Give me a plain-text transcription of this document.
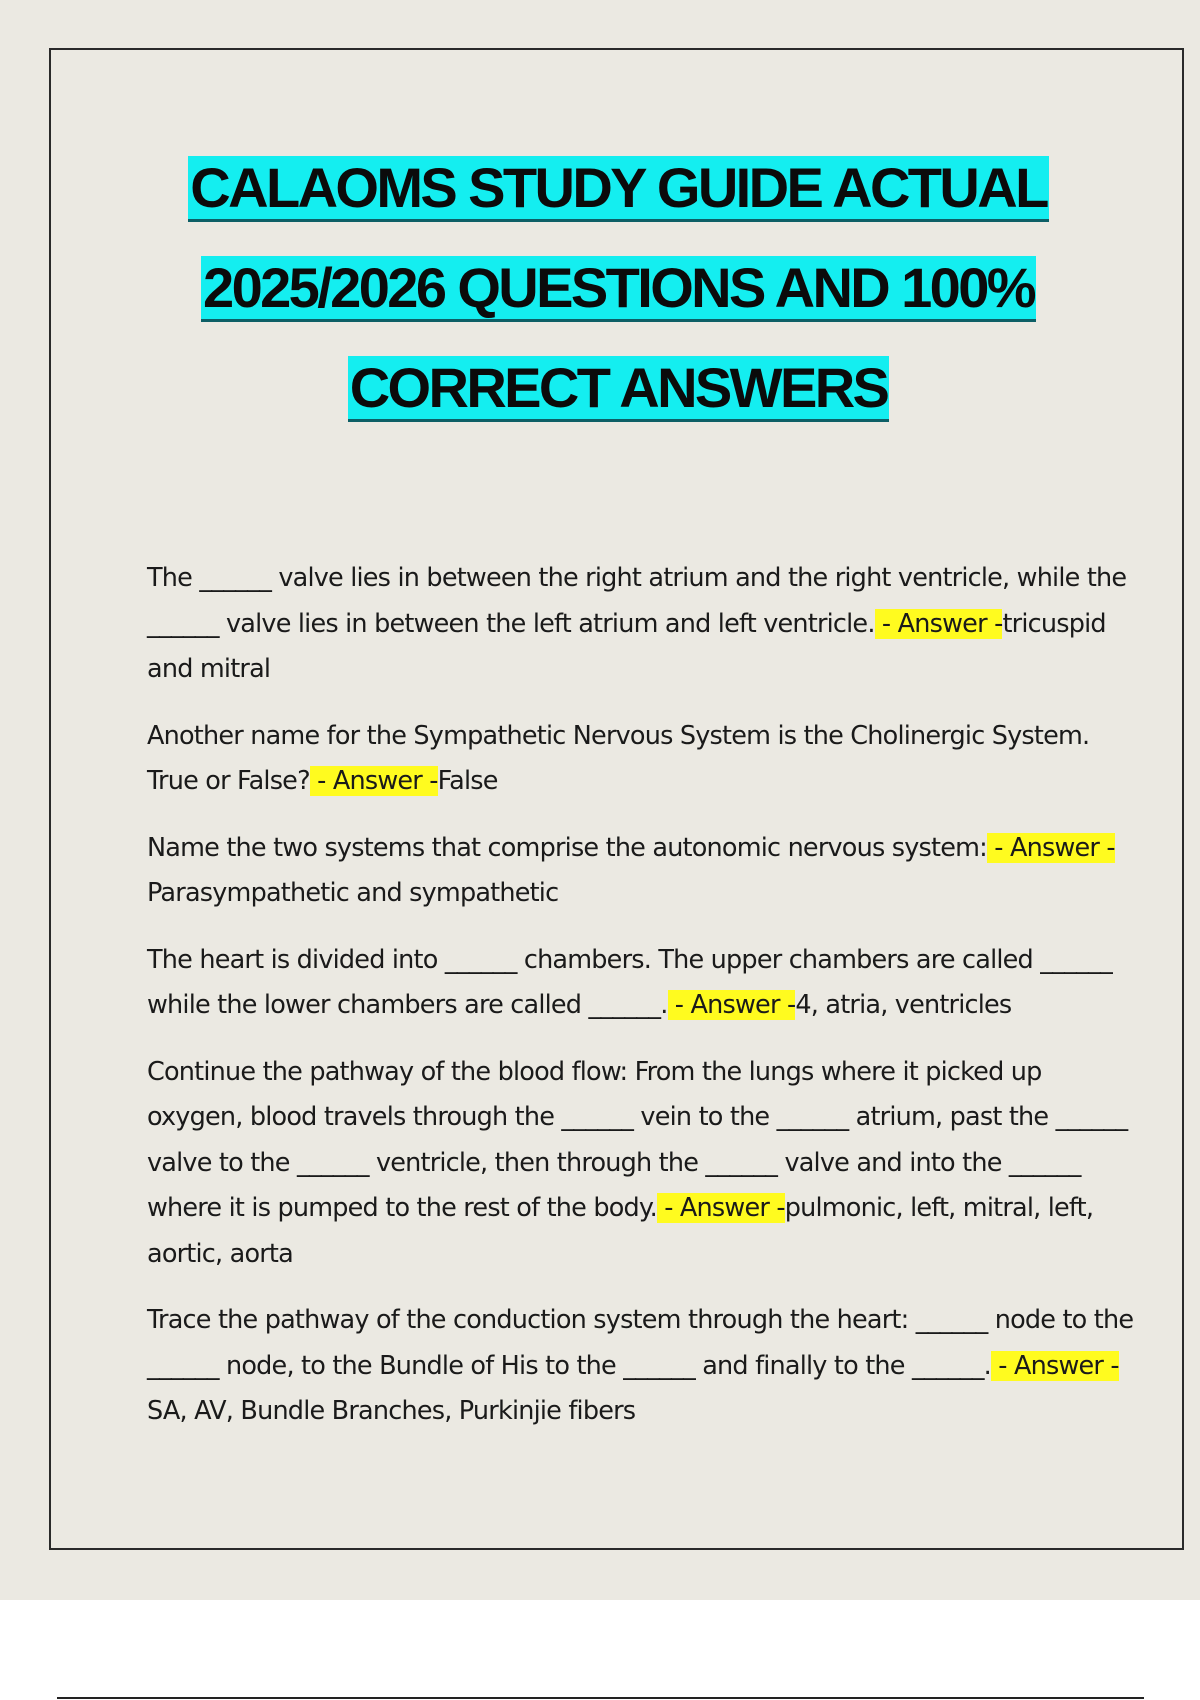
CALAOMS STUDY GUIDE ACTUAL
2025/2026 QUESTIONS AND 100%
CORRECT ANSWERS

The ______ valve lies in between the right atrium and the right ventricle, while the ______ valve lies in between the left atrium and left ventricle. - Answer -tricuspid and mitral

Another name for the Sympathetic Nervous System is the Cholinergic System. True or False? - Answer -False

Name the two systems that comprise the autonomic nervous system: - Answer -Parasympathetic and sympathetic

The heart is divided into ______ chambers. The upper chambers are called ______ while the lower chambers are called ______. - Answer -4, atria, ventricles

Continue the pathway of the blood flow: From the lungs where it picked up oxygen, blood travels through the ______ vein to the ______ atrium, past the ______ valve to the ______ ventricle, then through the ______ valve and into the ______ where it is pumped to the rest of the body. - Answer -pulmonic, left, mitral, left, aortic, aorta

Trace the pathway of the conduction system through the heart: ______ node to the ______ node, to the Bundle of His to the ______ and finally to the ______. - Answer -SA, AV, Bundle Branches, Purkinjie fibers
